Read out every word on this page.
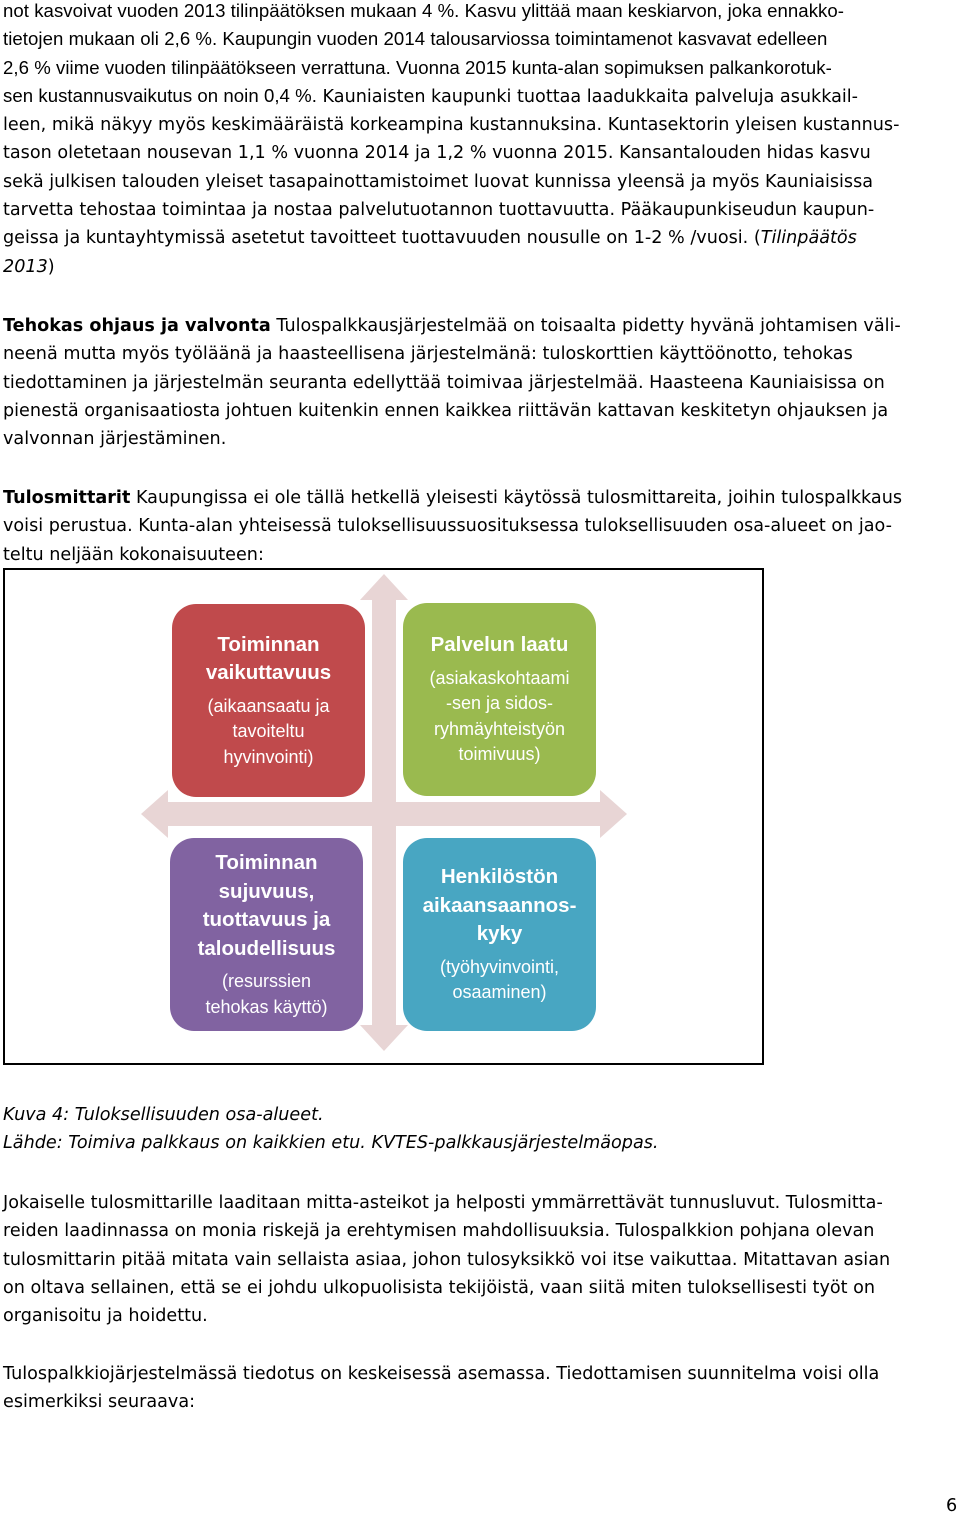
not kasvoivat vuoden 2013 tilinpäätöksen mukaan 4 %. Kasvu ylittää maan keskiarvon, joka ennakko-
tietojen mukaan oli 2,6 %. Kaupungin vuoden 2014 talousarviossa toimintamenot kasvavat edelleen
2,6 % viime vuoden tilinpäätökseen verrattuna. Vuonna 2015 kunta-alan sopimuksen palkankorotuk-
sen kustannusvaikutus on noin 0,4 %. Kauniaisten kaupunki tuottaa laadukkaita palveluja asukkail-
leen, mikä näkyy myös keskimääräistä korkeampina kustannuksina. Kuntasektorin yleisen kustannus-
tason oletetaan nousevan 1,1 % vuonna 2014 ja 1,2 % vuonna 2015. Kansantalouden hidas kasvu
sekä julkisen talouden yleiset tasapainottamistoimet luovat kunnissa yleensä ja myös Kauniaisissa
tarvetta tehostaa toimintaa ja nostaa palvelutuotannon tuottavuutta. Pääkaupunkiseudun kaupun-
geissa ja kuntayhtymissä asetetut tavoitteet tuottavuuden nousulle on 1-2 % /vuosi. (Tilinpäätös
2013)
Tehokas ohjaus ja valvonta Tulospalkkausjärjestelmää on toisaalta pidetty hyvänä johtamisen väli-
neenä mutta myös työläänä ja haasteellisena järjestelmänä: tuloskorttien käyttöönotto, tehokas
tiedottaminen ja järjestelmän seuranta edellyttää toimivaa järjestelmää. Haasteena Kauniaisissa on
pienestä organisaatiosta johtuen kuitenkin ennen kaikkea riittävän kattavan keskitetyn ohjauksen ja
valvonnan järjestäminen.
Tulosmittarit Kaupungissa ei ole tällä hetkellä yleisesti käytössä tulosmittareita, joihin tulospalkkaus
voisi perustua. Kunta-alan yhteisessä tuloksellisuussuosituksessa tuloksellisuuden osa-alueet on jao-
teltu neljään kokonaisuuteen:
Toiminnan
vaikuttavuus
(aikaansaatu ja
tavoiteltu
hyvinvointi)
Palvelun laatu
(asiakaskohtaami
-sen ja sidos-
ryhmäyhteistyön
toimivuus)
Toiminnan
sujuvuus,
tuottavuus ja
taloudellisuus
(resurssien
tehokas käyttö)
Henkilöstön
aikaansaannos-
kyky
(työhyvinvointi,
osaaminen)
Kuva 4: Tuloksellisuuden osa-alueet.
Lähde: Toimiva palkkaus on kaikkien etu. KVTES-palkkausjärjestelmäopas.
Jokaiselle tulosmittarille laaditaan mitta-asteikot ja helposti ymmärrettävät tunnusluvut. Tulosmitta-
reiden laadinnassa on monia riskejä ja erehtymisen mahdollisuuksia. Tulospalkkion pohjana olevan
tulosmittarin pitää mitata vain sellaista asiaa, johon tulosyksikkö voi itse vaikuttaa. Mitattavan asian
on oltava sellainen, että se ei johdu ulkopuolisista tekijöistä, vaan siitä miten tuloksellisesti työt on
organisoitu ja hoidettu.
Tulospalkkiojärjestelmässä tiedotus on keskeisessä asemassa. Tiedottamisen suunnitelma voisi olla
esimerkiksi seuraava:
6
